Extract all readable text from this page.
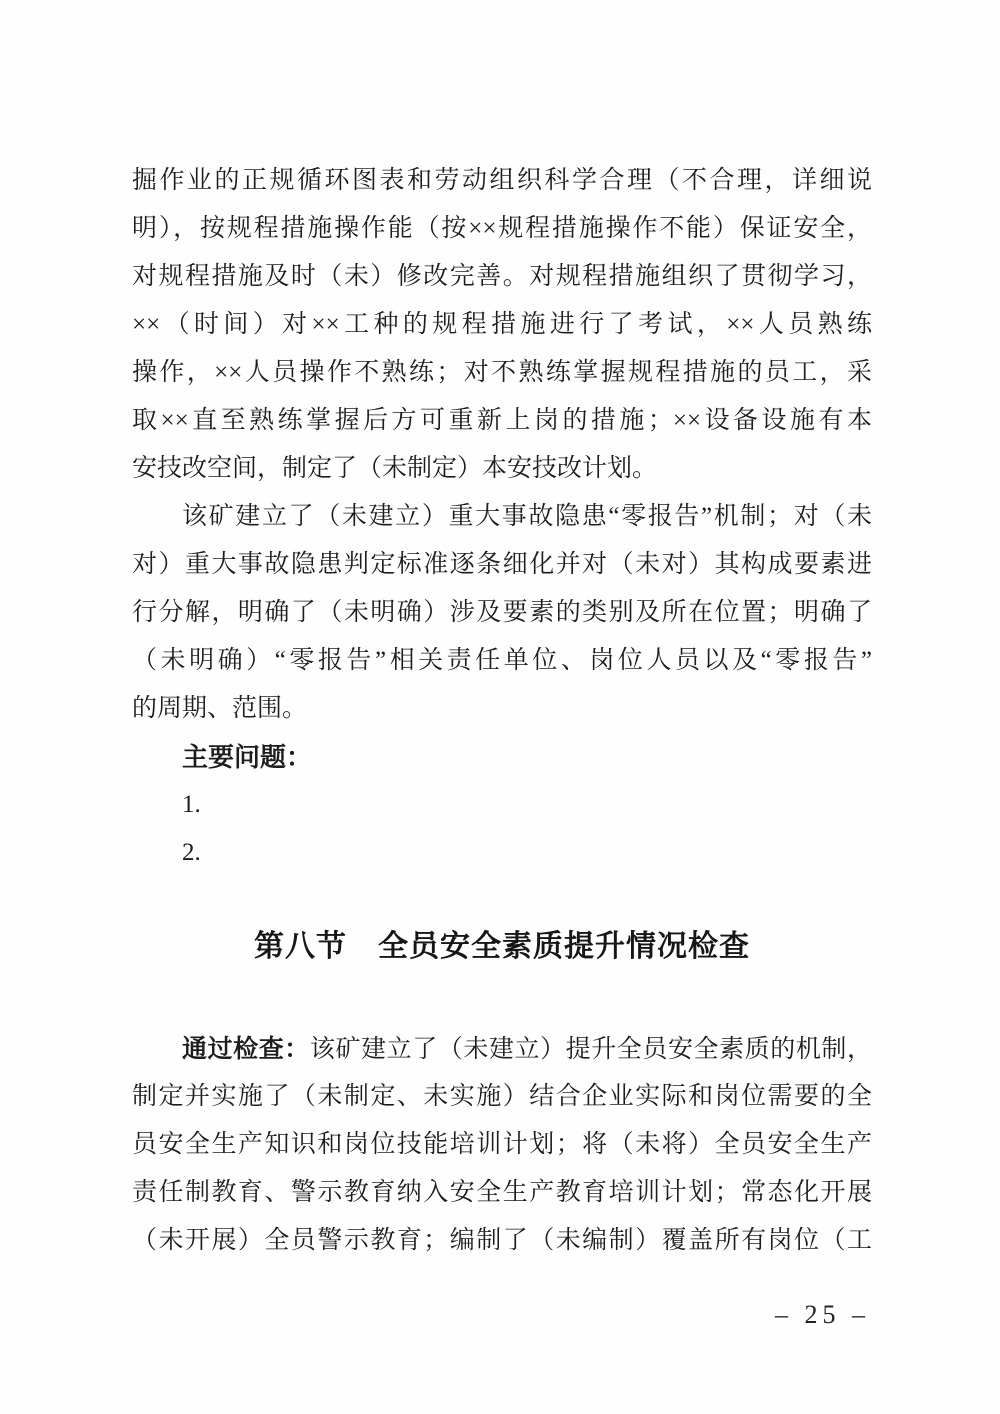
掘作业的正规循环图表和劳动组织科学合理（不合理，详细说
明），按规程措施操作能（按××规程措施操作不能）保证安全，
对规程措施及时（未）修改完善。对规程措施组织了贯彻学习，
××（时间）对××工种的规程措施进行了考试，××人员熟练
操作，××人员操作不熟练；对不熟练掌握规程措施的员工，采
取××直至熟练掌握后方可重新上岗的措施；××设备设施有本
安技改空间，制定了（未制定）本安技改计划。
该矿建立了（未建立）重大事故隐患“零报告”机制；对（未
对）重大事故隐患判定标准逐条细化并对（未对）其构成要素进
行分解，明确了（未明确）涉及要素的类别及所在位置；明确了
（未明确）“零报告”相关责任单位、岗位人员以及“零报告”
的周期、范围。
主要问题：
1.
2.
第八节　全员安全素质提升情况检查
通过检查：该矿建立了（未建立）提升全员安全素质的机制，
制定并实施了（未制定、未实施）结合企业实际和岗位需要的全
员安全生产知识和岗位技能培训计划；将（未将）全员安全生产
责任制教育、警示教育纳入安全生产教育培训计划；常态化开展
（未开展）全员警示教育；编制了（未编制）覆盖所有岗位（工
– 25 –
